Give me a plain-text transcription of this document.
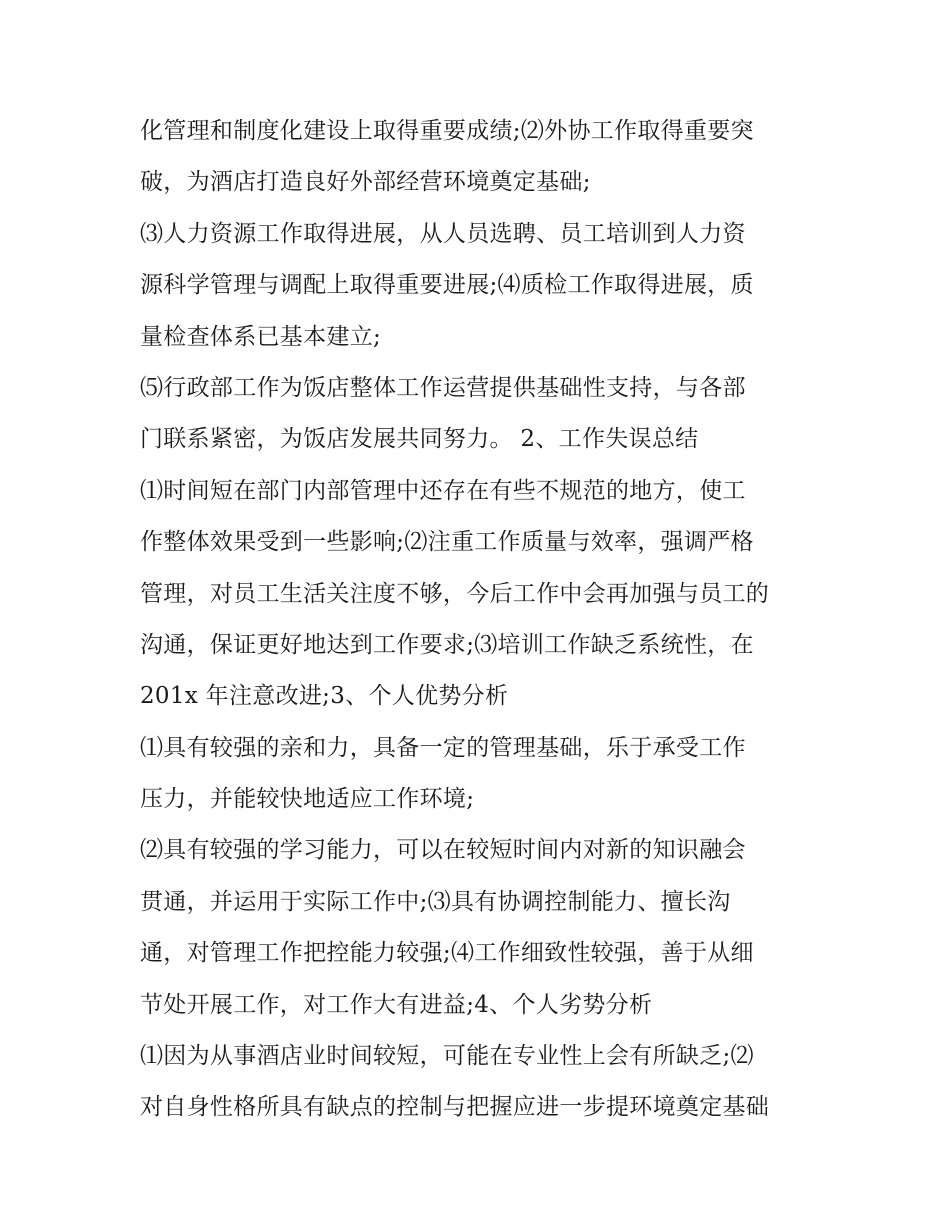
化管理和制度化建设上取得重要成绩;⑵外协工作取得重要突
破，为酒店打造良好外部经营环境奠定基础;
⑶人力资源工作取得进展，从人员选聘、员工培训到人力资
源科学管理与调配上取得重要进展;⑷质检工作取得进展，质
量检查体系已基本建立;
⑸行政部工作为饭店整体工作运营提供基础性支持，与各部
门联系紧密，为饭店发展共同努力。 2、工作失误总结
⑴时间短在部门内部管理中还存在有些不规范的地方，使工
作整体效果受到一些影响;⑵注重工作质量与效率，强调严格
管理，对员工生活关注度不够，今后工作中会再加强与员工的
沟通，保证更好地达到工作要求;⑶培训工作缺乏系统性，在
201x 年注意改进;3、个人优势分析
⑴具有较强的亲和力，具备一定的管理基础，乐于承受工作
压力，并能较快地适应工作环境;
⑵具有较强的学习能力，可以在较短时间内对新的知识融会
贯通，并运用于实际工作中;⑶具有协调控制能力、擅长沟
通，对管理工作把控能力较强;⑷工作细致性较强，善于从细
节处开展工作，对工作大有进益;4、个人劣势分析
⑴因为从事酒店业时间较短，可能在专业性上会有所缺乏;⑵
对自身性格所具有缺点的控制与把握应进一步提环境奠定基础
